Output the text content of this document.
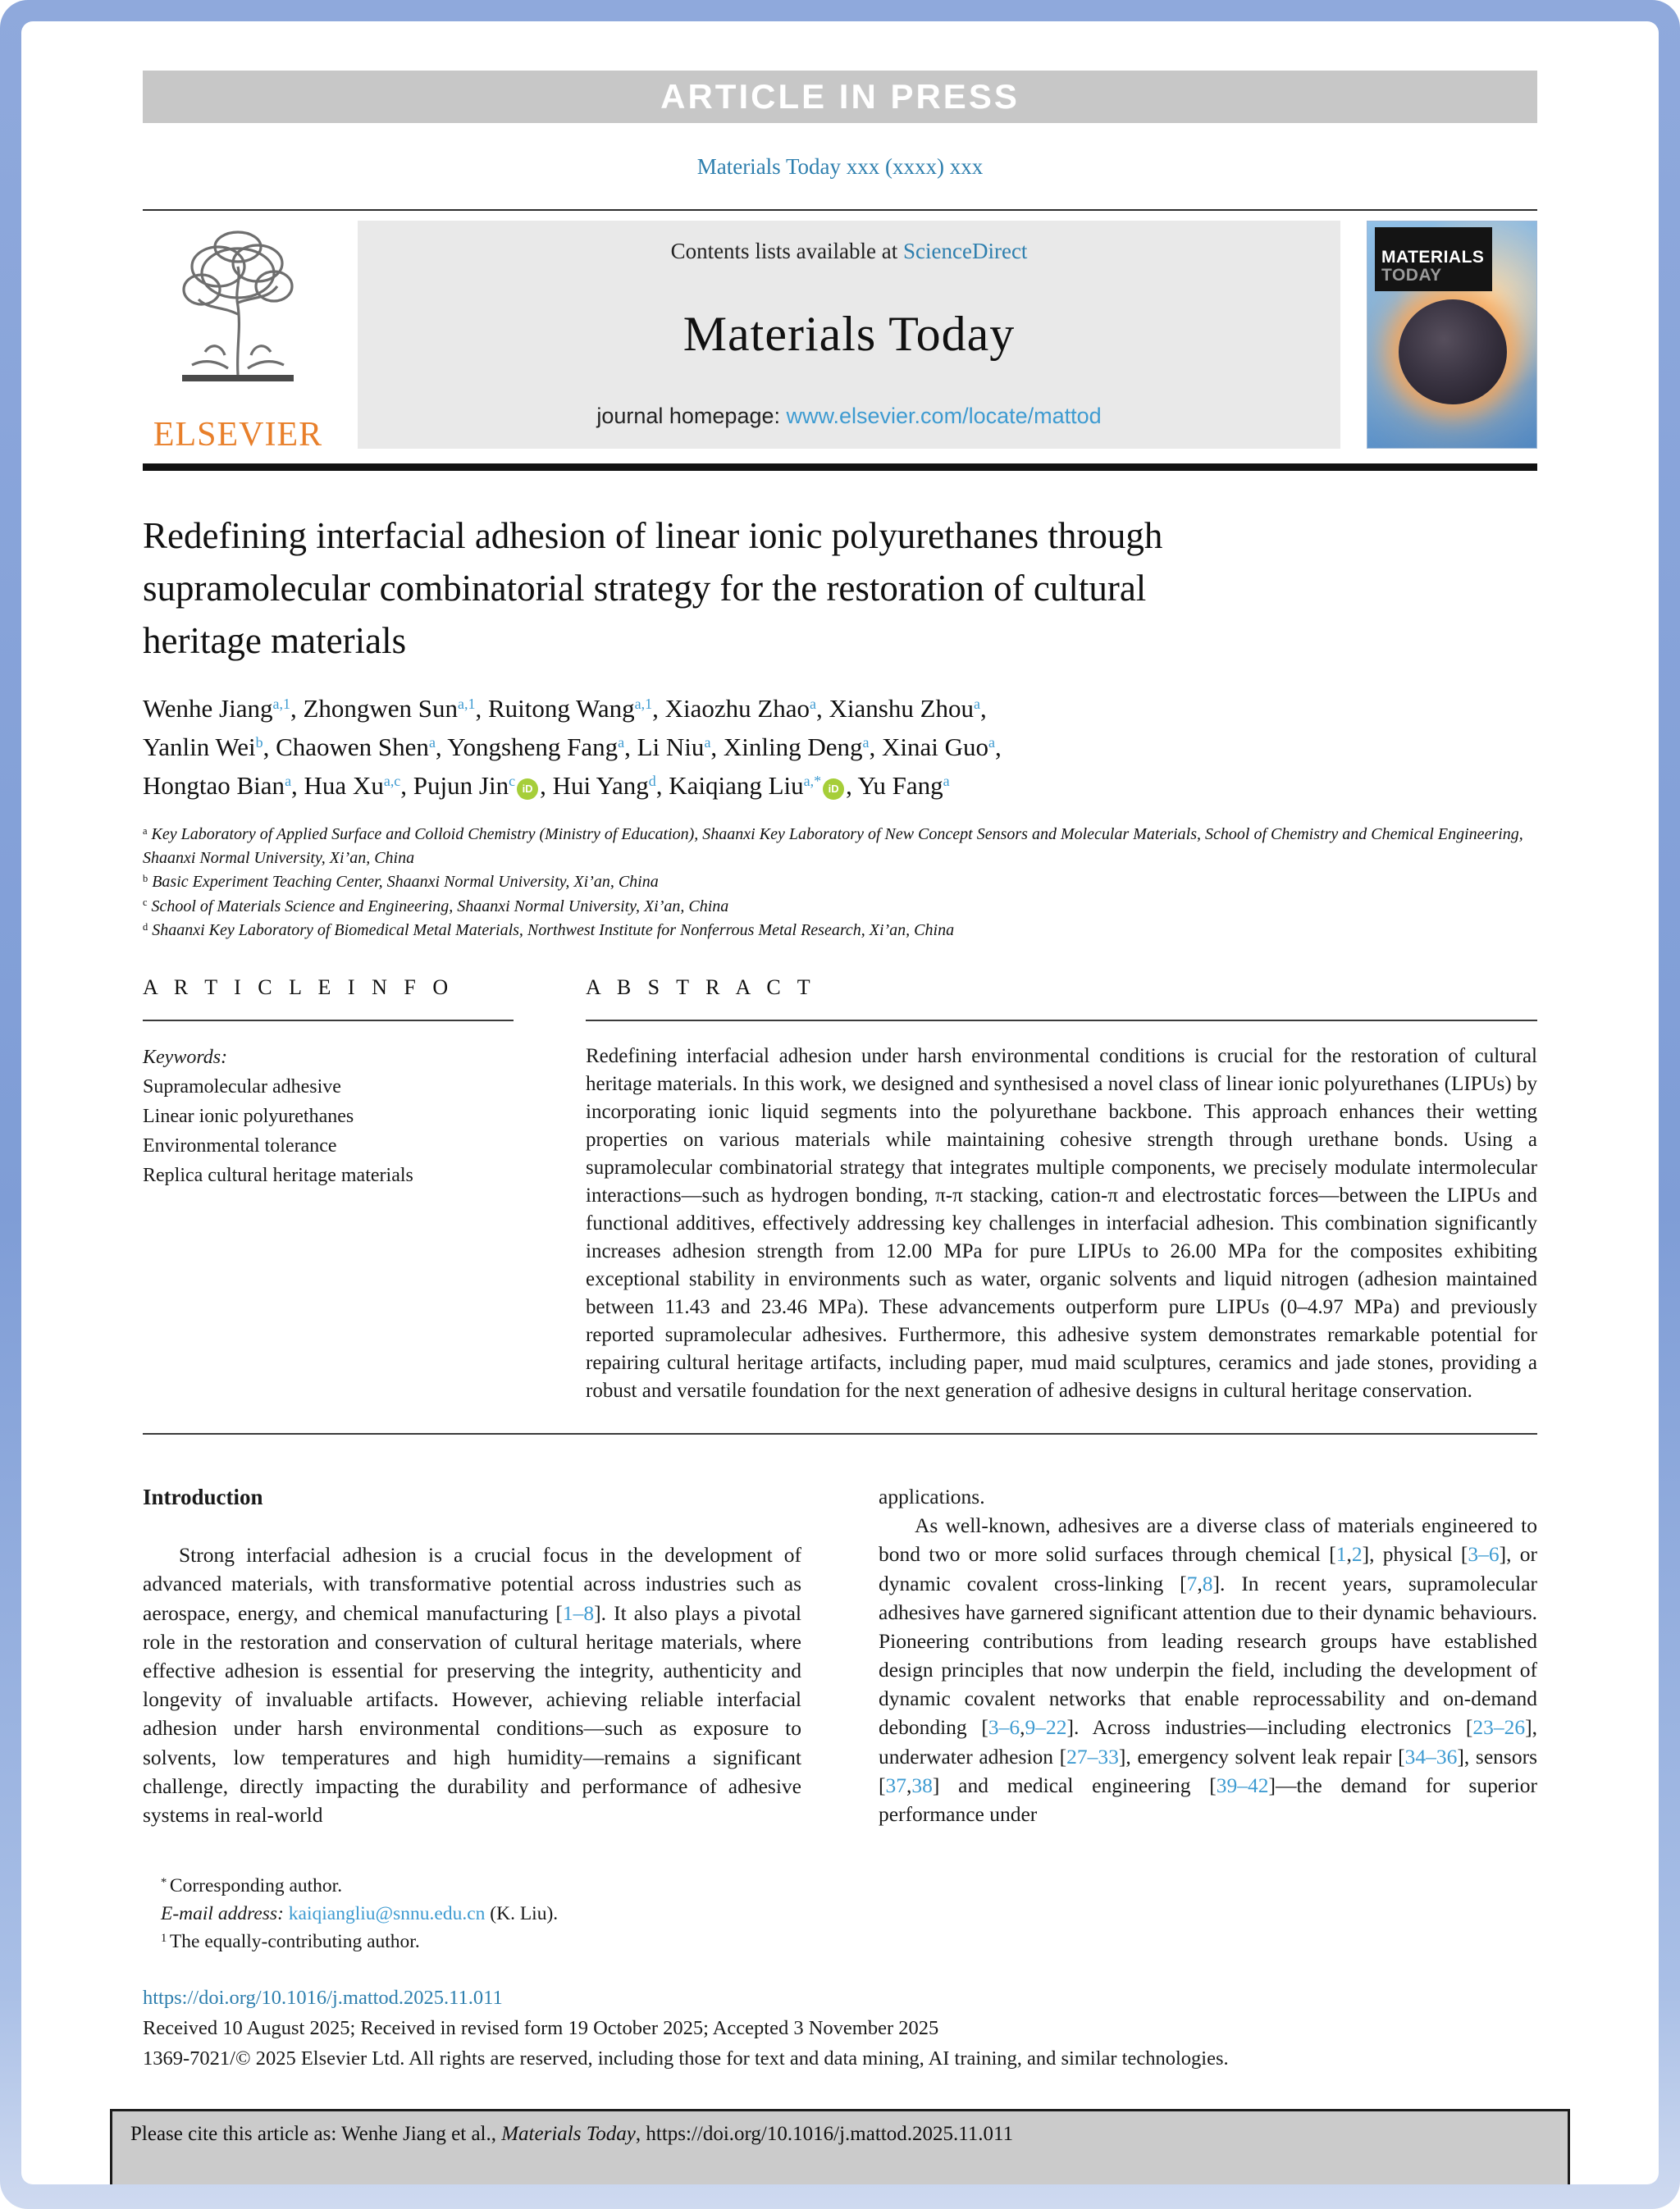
ARTICLE IN PRESS
Materials Today xxx (xxxx) xxx
ELSEVIER
Contents lists available at ScienceDirect
Materials Today
journal homepage: www.elsevier.com/locate/mattod
MATERIALS
TODAY
Redefining interfacial adhesion of linear ionic polyurethanes through
supramolecular combinatorial strategy for the restoration of cultural
heritage materials
Wenhe Jiang$^{a,1}$, Zhongwen Sun$^{a,1}$, Ruitong Wang$^{a,1}$, Xiaozhu Zhao$^a$, Xianshu Zhou$^a$,
Yanlin Wei$^b$, Chaowen Shen$^a$, Yongsheng Fang$^a$, Li Niu$^a$, Xinling Deng$^a$, Xinai Guo$^a$,
Hongtao Bian$^a$, Hua Xu$^{a,c}$, Pujun Jin$^c$ iD , Hui Yang$^d$, Kaiqiang Liu$^{a,*}$ iD , Yu Fang$^a$
$^a$ Key Laboratory of Applied Surface and Colloid Chemistry (Ministry of Education), Shaanxi Key Laboratory of New Concept Sensors and Molecular Materials, School of Chemistry and Chemical Engineering, Shaanxi Normal University, Xi’an, China
$^b$ Basic Experiment Teaching Center, Shaanxi Normal University, Xi’an, China
$^c$ School of Materials Science and Engineering, Shaanxi Normal University, Xi’an, China
$^d$ Shaanxi Key Laboratory of Biomedical Metal Materials, Northwest Institute for Nonferrous Metal Research, Xi’an, China
A R T I C L E I N F O
Keywords:
Supramolecular adhesive
Linear ionic polyurethanes
Environmental tolerance
Replica cultural heritage materials
A B S T R A C T

Redefining interfacial adhesion under harsh environmental conditions is crucial for the restoration of cultural heritage materials. In this work, we designed and synthesised a novel class of linear ionic polyurethanes (LIPUs) by incorporating ionic liquid segments into the polyurethane backbone. This approach enhances their wetting properties on various materials while maintaining cohesive strength through urethane bonds. Using a supramolecular combinatorial strategy that integrates multiple components, we precisely modulate intermolecular interactions—such as hydrogen bonding, π-π stacking, cation-π and electrostatic forces—between the LIPUs and functional additives, effectively addressing key challenges in interfacial adhesion. This combination significantly increases adhesion strength from 12.00 MPa for pure LIPUs to 26.00 MPa for the composites exhibiting exceptional stability in environments such as water, organic solvents and liquid nitrogen (adhesion maintained between 11.43 and 23.46 MPa). These advancements outperform pure LIPUs (0–4.97 MPa) and previously reported supramolecular adhesives. Furthermore, this adhesive system demonstrates remarkable potential for repairing cultural heritage artifacts, including paper, mud maid sculptures, ceramics and jade stones, providing a robust and versatile foundation for the next generation of adhesive designs in cultural heritage conservation.

Introduction

Strong interfacial adhesion is a crucial focus in the development of advanced materials, with transformative potential across industries such as aerospace, energy, and chemical manufacturing [1–8]. It also plays a pivotal role in the restoration and conservation of cultural heritage materials, where effective adhesion is essential for preserving the integrity, authenticity and longevity of invaluable artifacts. However, achieving reliable interfacial adhesion under harsh environmental conditions—such as exposure to solvents, low temperatures and high humidity—remains a significant challenge, directly impacting the durability and performance of adhesive systems in real-world

applications.

As well-known, adhesives are a diverse class of materials engineered to bond two or more solid surfaces through chemical [1,2], physical [3–6], or dynamic covalent cross-linking [7,8]. In recent years, supramolecular adhesives have garnered significant attention due to their dynamic behaviours. Pioneering contributions from leading research groups have established design principles that now underpin the field, including the development of dynamic covalent networks that enable reprocessability and on-demand debonding [3–6,9–22]. Across industries—including electronics [23–26], underwater adhesion [27–33], emergency solvent leak repair [34–36], sensors [37,38] and medical engineering [39–42]—the demand for superior performance under

* Corresponding author.
E-mail address: kaiqiangliu@snnu.edu.cn (K. Liu).
$^1$ The equally-contributing author.
https://doi.org/10.1016/j.mattod.2025.11.011
Received 10 August 2025; Received in revised form 19 October 2025; Accepted 3 November 2025
1369-7021/© 2025 Elsevier Ltd. All rights are reserved, including those for text and data mining, AI training, and similar technologies.
Please cite this article as: Wenhe Jiang et al., Materials Today, https://doi.org/10.1016/j.mattod.2025.11.011
